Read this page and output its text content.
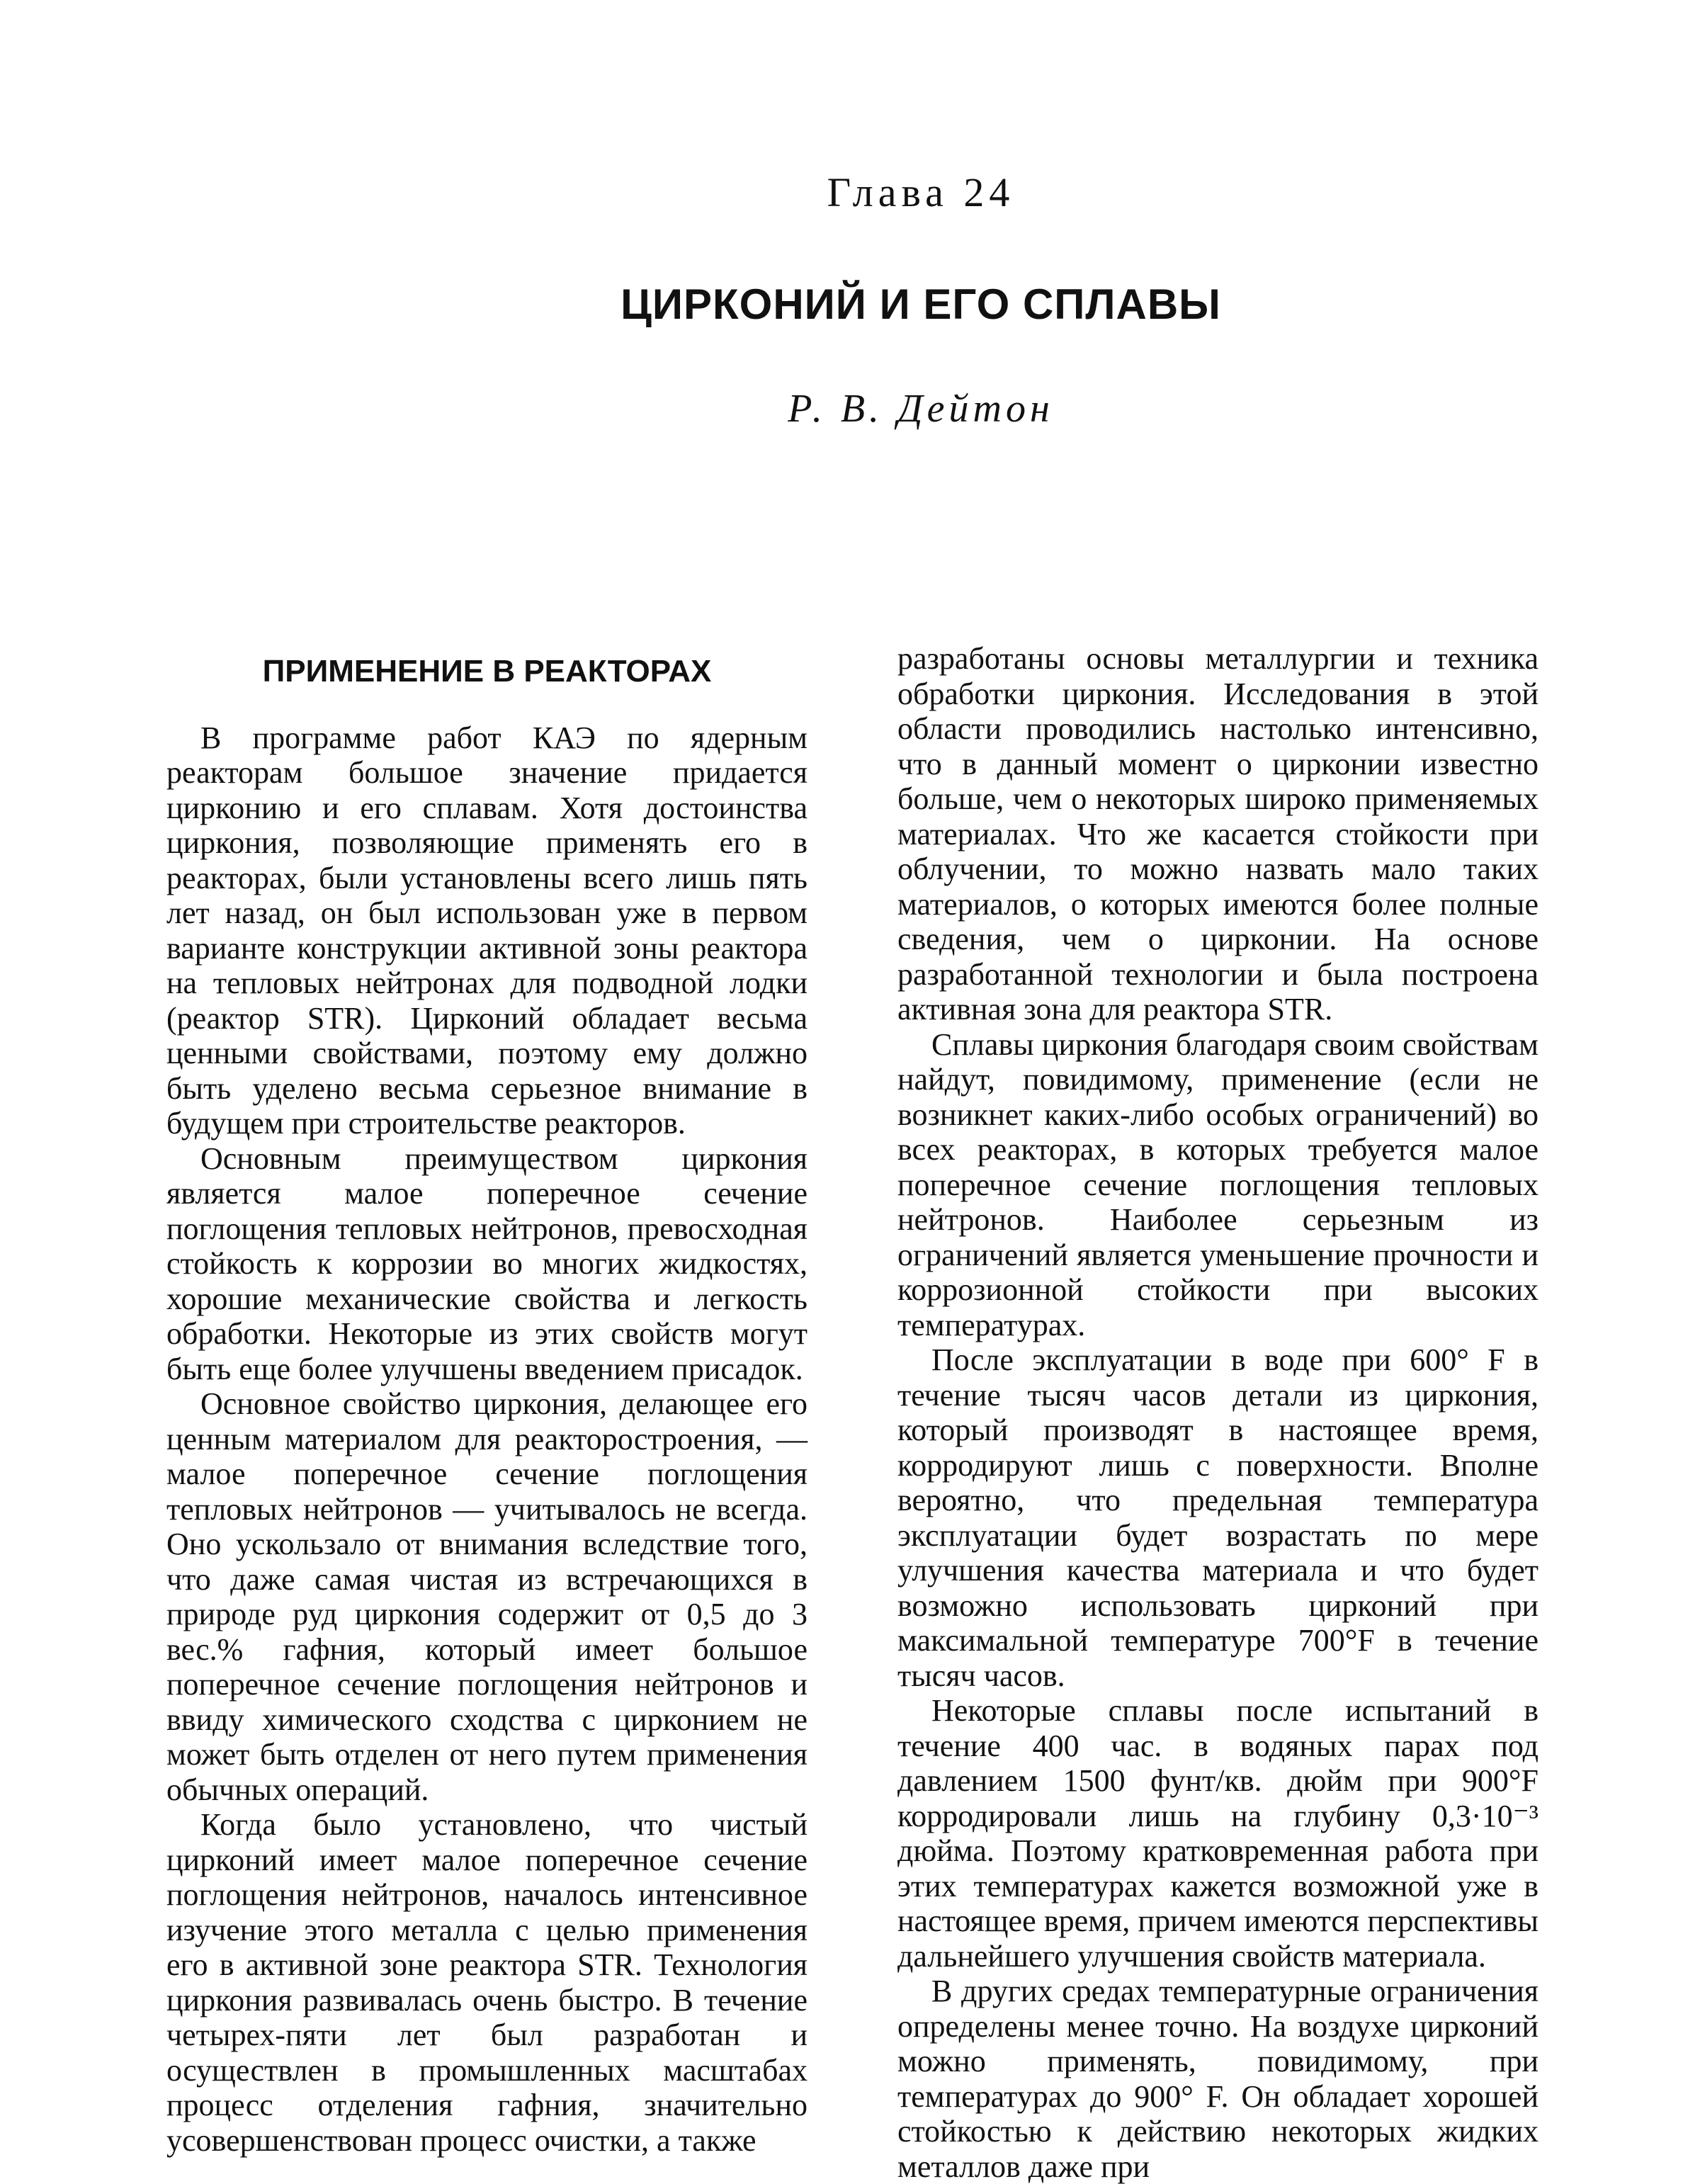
Глава 24
ЦИРКОНИЙ И ЕГО СПЛАВЫ
Р. В. Дейтон
ПРИМЕНЕНИЕ В РЕАКТОРАХ

В программе работ КАЭ по ядерным реакторам большое значение придается цирконию и его сплавам. Хотя достоинства циркония, позволяющие применять его в реакторах, были установлены всего лишь пять лет назад, он был использован уже в первом варианте конструкции активной зоны реактора на тепловых нейтронах для подводной лодки (реактор STR). Цирконий обладает весьма ценными свойствами, поэтому ему должно быть уделено весьма серьезное внимание в будущем при строительстве реакторов.

Основным преимуществом циркония является малое поперечное сечение поглощения тепловых нейтронов, превосходная стойкость к коррозии во многих жидкостях, хорошие механические свойства и легкость обработки. Некоторые из этих свойств могут быть еще более улучшены введением присадок.

Основное свойство циркония, делающее его ценным материалом для реакторостроения, — малое поперечное сечение поглощения тепловых нейтронов — учитывалось не всегда. Оно ускользало от внимания вследствие того, что даже самая чистая из встречающихся в природе руд циркония содержит от 0,5 до 3 вес.% гафния, который имеет большое поперечное сечение поглощения нейтронов и ввиду химического сходства с цирконием не может быть отделен от него путем применения обычных операций.

Когда было установлено, что чистый цирконий имеет малое поперечное сечение поглощения нейтронов, началось интенсивное изучение этого металла с целью применения его в активной зоне реактора STR. Технология циркония развивалась очень быстро. В течение четырех-пяти лет был разработан и осуществлен в промышленных масштабах процесс отделения гафния, значительно усовершенствован процесс очистки, а также

разработаны основы металлургии и техника обработки циркония. Исследования в этой области проводились настолько интенсивно, что в данный момент о цирконии известно больше, чем о некоторых широко применяемых материалах. Что же касается стойкости при облучении, то можно назвать мало таких материалов, о которых имеются более полные сведения, чем о цирконии. На основе разработанной технологии и была построена активная зона для реактора STR.

Сплавы циркония благодаря своим свойствам найдут, повидимому, применение (если не возникнет каких-либо особых ограничений) во всех реакторах, в которых требуется малое поперечное сечение поглощения тепловых нейтронов. Наиболее серьезным из ограничений является уменьшение прочности и коррозионной стойкости при высоких температурах.

После эксплуатации в воде при 600° F в течение тысяч часов детали из циркония, который производят в настоящее время, корродируют лишь с поверхности. Вполне вероятно, что предельная температура эксплуатации будет возрастать по мере улучшения качества материала и что будет возможно использовать цирконий при максимальной температуре 700°F в течение тысяч часов.

Некоторые сплавы после испытаний в течение 400 час. в водяных парах под давлением 1500 фунт/кв. дюйм при 900°F корродировали лишь на глубину 0,3·10⁻³ дюйма. Поэтому кратковременная работа при этих температурах кажется возможной уже в настоящее время, причем имеются перспективы дальнейшего улучшения свойств материала.

В других средах температурные ограничения определены менее точно. На воздухе цирконий можно применять, повидимому, при температурах до 900° F. Он обладает хорошей стойкостью к действию некоторых жидких металлов даже при
